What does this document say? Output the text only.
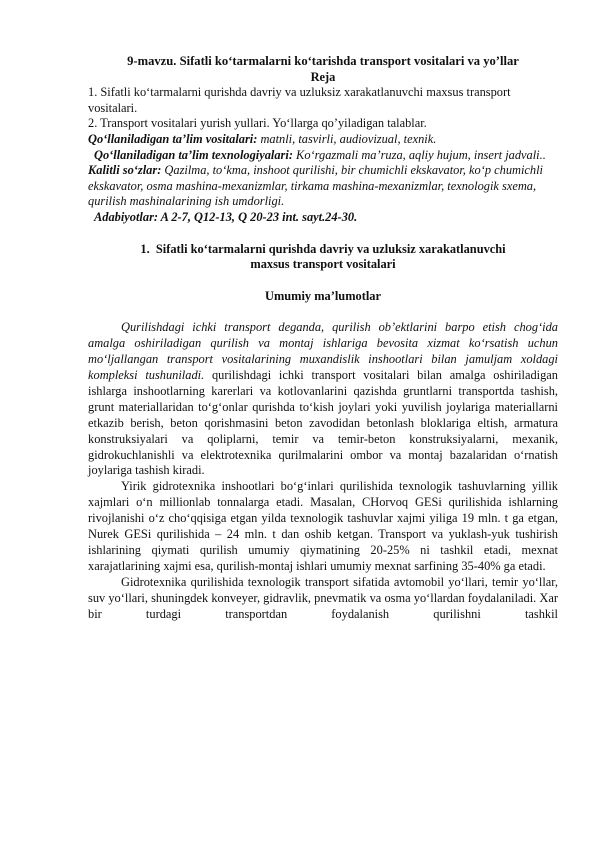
9-mavzu. Sifatli ko‘tarmalarni ko‘tarishda transport vositalari va yo’llar
Reja

1. Sifatli ko‘tarmalarni qurishda davriy va uzluksiz xarakatlanuvchi maxsus transport vositalari.

2. Transport vositalari yurish yullari. Yo‘llarga qo’yiladigan talablar.

Qo‘llaniladigan ta’lim vositalari: matnli, tasvirli, audiovizual, texnik.

Qo‘llaniladigan ta’lim texnologiyalari: Ko‘rgazmali ma’ruza, aqliy hujum, insert jadvali..

Kalitli so‘zlar: Qazilma, to‘kma, inshoot qurilishi, bir chumichli ekskavator, ko‘p chumichli ekskavator, osma mashina-mexanizmlar, tirkama mashina-mexanizmlar, texnologik sxema, qurilish mashinalarining ish umdorligi.

Adabiyotlar: A 2-7, Q12-13, Q 20-23 int. sayt.24-30.

1. Sifatli ko‘tarmalarni qurishda davriy va uzluksiz xarakatlanuvchi
maxsus transport vositalari
Umumiy ma’lumotlar

Qurilishdagi ichki transport deganda, qurilish ob’ektlarini barpo etish chog‘ida amalga oshiriladigan qurilish va montaj ishlariga bevosita xizmat ko‘rsatish uchun mo‘ljallangan transport vositalarining muxandislik inshootlari bilan jamuljam xoldagi kompleksi tushuniladi. qurilishdagi ichki transport vositalari bilan amalga oshiriladigan ishlarga inshootlarning karerlari va kotlovanlarini qazishda gruntlarni transportda tashish, grunt materiallaridan to‘g‘onlar qurishda to‘kish joylari yoki yuvilish joylariga materiallarni etkazib berish, beton qorishmasini beton zavodidan betonlash bloklariga eltish, armatura konstruksiyalari va qoliplarni, temir va temir-beton konstruksiyalarni, mexanik, gidrokuchlanishli va elektrotexnika qurilmalarini ombor va montaj bazalaridan o‘rnatish joylariga tashish kiradi.

Yirik gidrotexnika inshootlari bo‘g‘inlari qurilishida texnologik tashuvlarning yillik xajmlari o‘n millionlab tonnalarga etadi. Masalan, CHorvoq GESi qurilishida ishlarning rivojlanishi o‘z cho‘qqisiga etgan yilda texnologik tashuvlar xajmi yiliga 19 mln. t ga etgan, Nurek GESi qurilishida – 24 mln. t dan oshib ketgan. Transport va yuklash-yuk tushirish ishlarining qiymati qurilish umumiy qiymatining 20-25% ni tashkil etadi, mexnat xarajatlarining xajmi esa, qurilish-montaj ishlari umumiy mexnat sarfining 35-40% ga etadi.

Gidrotexnika qurilishida texnologik transport sifatida avtomobil yo‘llari, temir yo‘llar, suv yo‘llari, shuningdek konveyer, gidravlik, pnevmatik va osma yo‘llardan foydalaniladi. Xar bir turdagi transportdan foydalanish qurilishni tashkil
